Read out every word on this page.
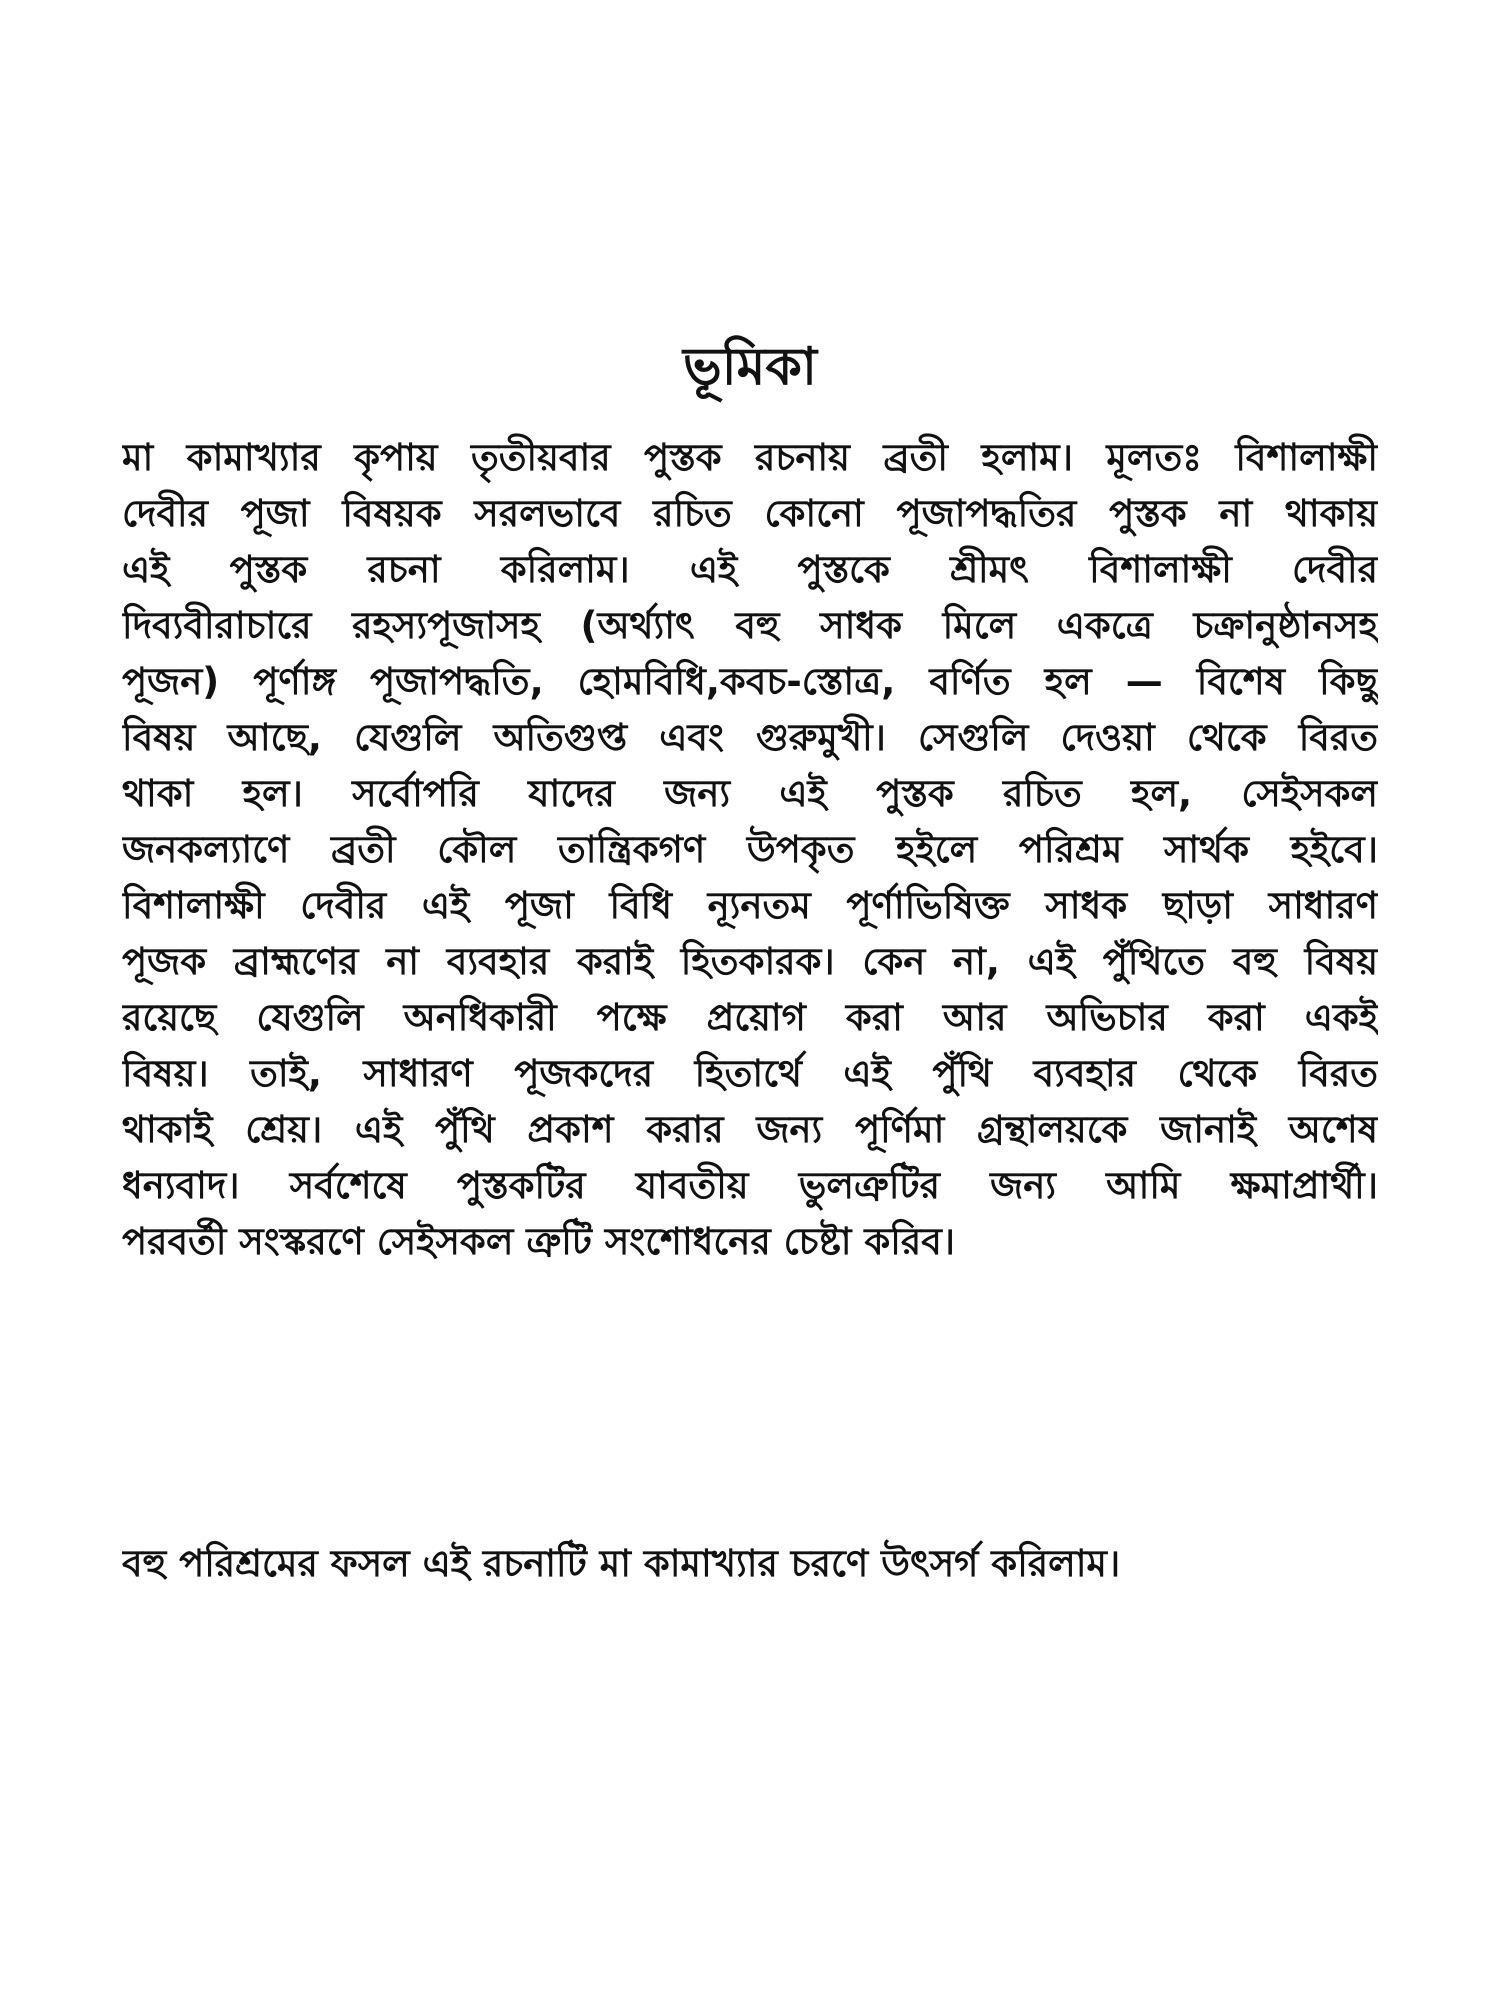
ভূমিকা
মা কামাখ্যার কৃপায় তৃতীয়বার পুস্তক রচনায় ব্রতী হলাম। মূলতঃ বিশালাক্ষী
দেবীর পূজা বিষয়ক সরলভাবে রচিত কোনো পূজাপদ্ধতির পুস্তক না থাকায়
এই পুস্তক রচনা করিলাম। এই পুস্তকে শ্রীমৎ বিশালাক্ষী দেবীর
দিব্যবীরাচারে রহস্যপূজাসহ (অর্থ্যাৎ বহু সাধক মিলে একত্রে চক্রানুষ্ঠানসহ
পূজন) পূর্ণাঙ্গ পূজাপদ্ধতি, হোমবিধি,কবচ-স্তোত্র, বর্ণিত হল — বিশেষ কিছু
বিষয় আছে, যেগুলি অতিগুপ্ত এবং গুরুমুখী। সেগুলি দেওয়া থেকে বিরত
থাকা হল। সর্বোপরি যাদের জন্য এই পুস্তক রচিত হল, সেইসকল
জনকল্যাণে ব্রতী কৌল তান্ত্রিকগণ উপকৃত হইলে পরিশ্রম সার্থক হইবে।
বিশালাক্ষী দেবীর এই পূজা বিধি ন্যূনতম পূর্ণাভিষিক্ত সাধক ছাড়া সাধারণ
পূজক ব্রাহ্মণের না ব্যবহার করাই হিতকারক। কেন না, এই পুঁথিতে বহু বিষয়
রয়েছে যেগুলি অনধিকারী পক্ষে প্রয়োগ করা আর অভিচার করা একই
বিষয়। তাই, সাধারণ পূজকদের হিতার্থে এই পুঁথি ব্যবহার থেকে বিরত
থাকাই শ্রেয়। এই পুঁথি প্রকাশ করার জন্য পূর্ণিমা গ্রন্থালয়কে জানাই অশেষ
ধন্যবাদ। সর্বশেষে পুস্তকটির যাবতীয় ভুলত্রুটির জন্য আমি ক্ষমাপ্রার্থী।
পরবর্তী সংস্করণে সেইসকল ত্রুটি সংশোধনের চেষ্টা করিব।
বহু পরিশ্রমের ফসল এই রচনাটি মা কামাখ্যার চরণে উৎসর্গ করিলাম।
